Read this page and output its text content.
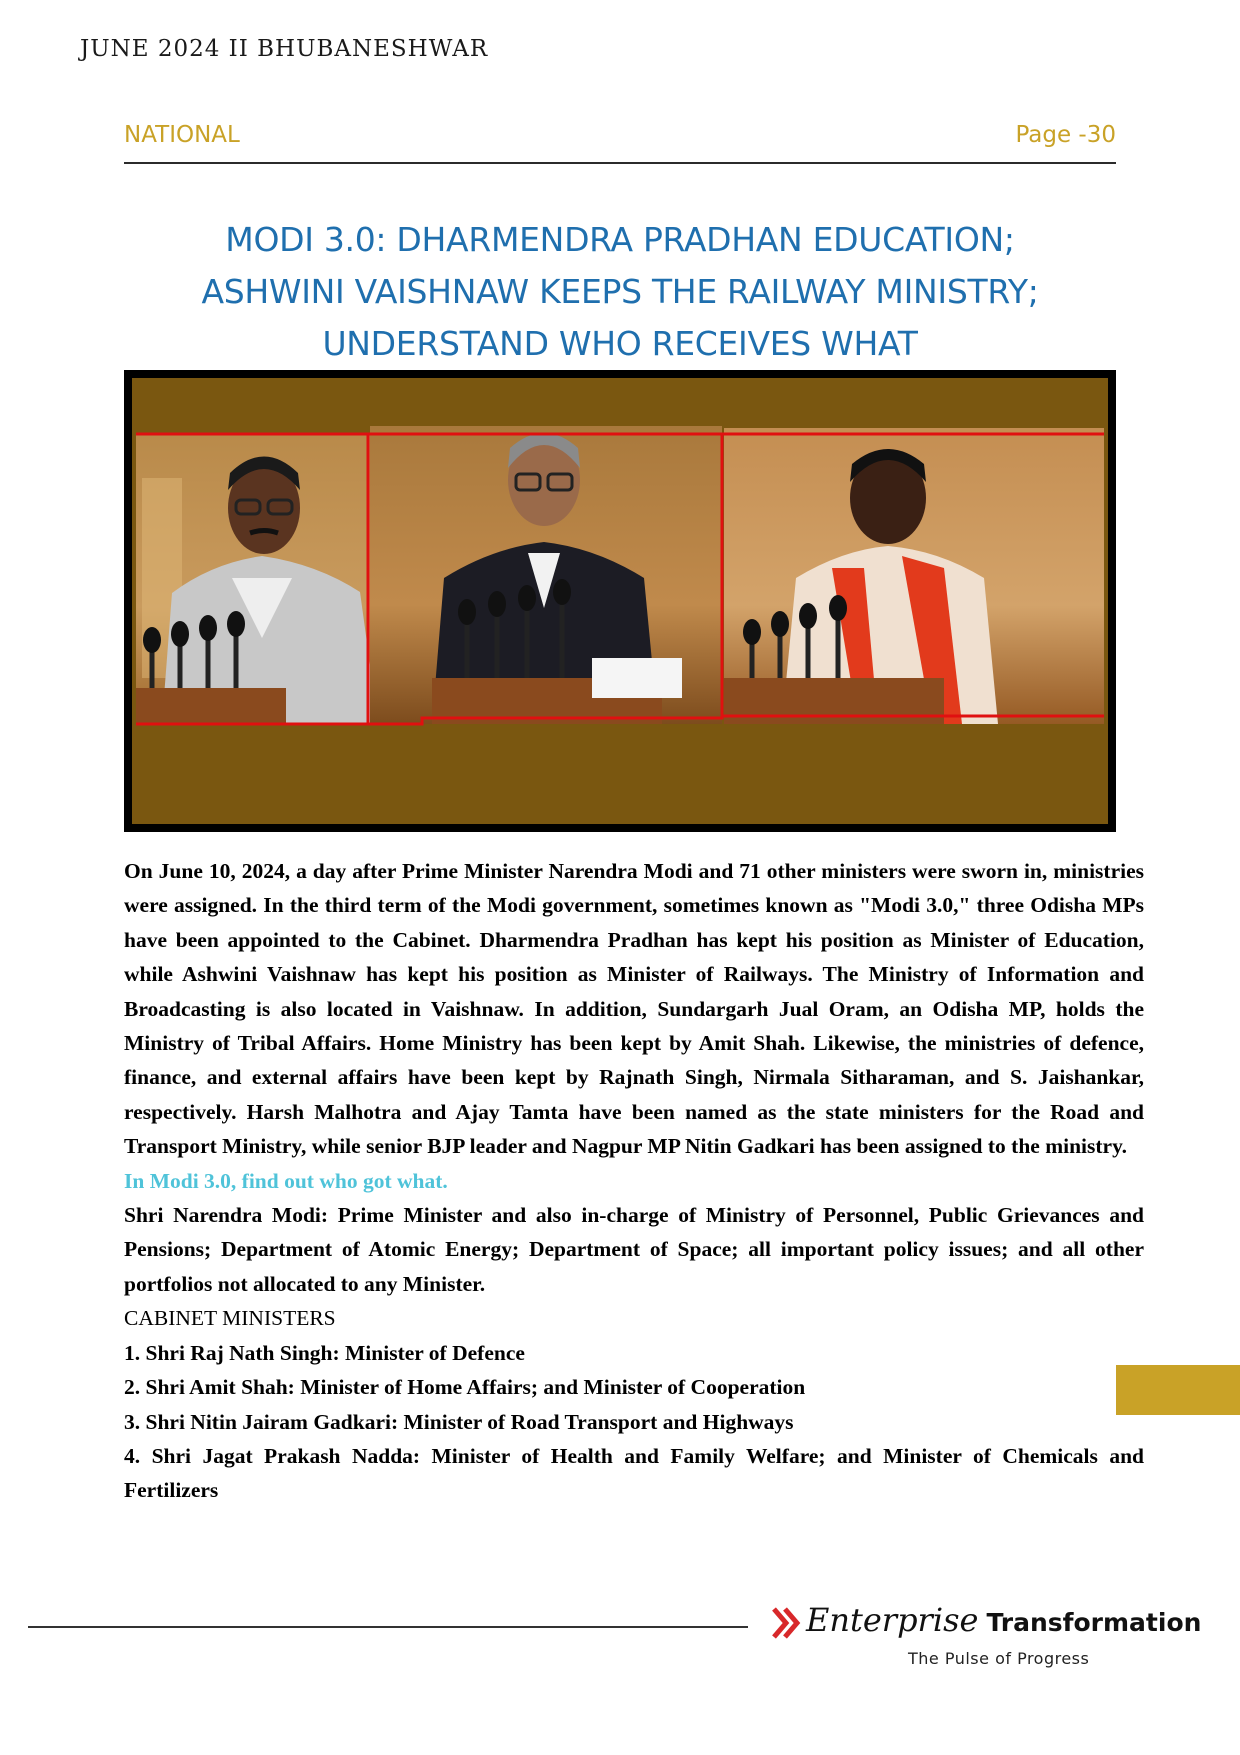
JUNE 2024 II BHUBANESHWAR
NATIONAL	Page -30
MODI 3.0: DHARMENDRA PRADHAN EDUCATION;
ASHWINI VAISHNAW KEEPS THE RAILWAY MINISTRY;
UNDERSTAND WHO RECEIVES WHAT

On June 10, 2024, a day after Prime Minister Narendra Modi and 71 other ministers were sworn in, ministries were assigned. In the third term of the Modi government, sometimes known as "Modi 3.0," three Odisha MPs have been appointed to the Cabinet. Dharmendra Pradhan has kept his position as Minister of Education, while Ashwini Vaishnaw has kept his position as Minister of Railways. The Ministry of Information and Broadcasting is also located in Vaishnaw. In addition, Sundargarh Jual Oram, an Odisha MP, holds the Ministry of Tribal Affairs. Home Ministry has been kept by Amit Shah. Likewise, the ministries of defence, finance, and external affairs have been kept by Rajnath Singh, Nirmala Sitharaman, and S. Jaishankar, respectively. Harsh Malhotra and Ajay Tamta have been named as the state ministers for the Road and Transport Ministry, while senior BJP leader and Nagpur MP Nitin Gadkari has been assigned to the ministry.

In Modi 3.0, find out who got what.

Shri Narendra Modi: Prime Minister and also in-charge of Ministry of Personnel, Public Grievances and Pensions; Department of Atomic Energy; Department of Space; all important policy issues; and all other portfolios not allocated to any Minister.

CABINET MINISTERS

1. Shri Raj Nath Singh: Minister of Defence
2. Shri Amit Shah: Minister of Home Affairs; and Minister of Cooperation
3. Shri Nitin Jairam Gadkari: Minister of Road Transport and Highways
4. Shri Jagat Prakash Nadda: Minister of Health and Family Welfare; and Minister of Chemicals and Fertilizers
Enterprise Transformation
The Pulse of Progress
